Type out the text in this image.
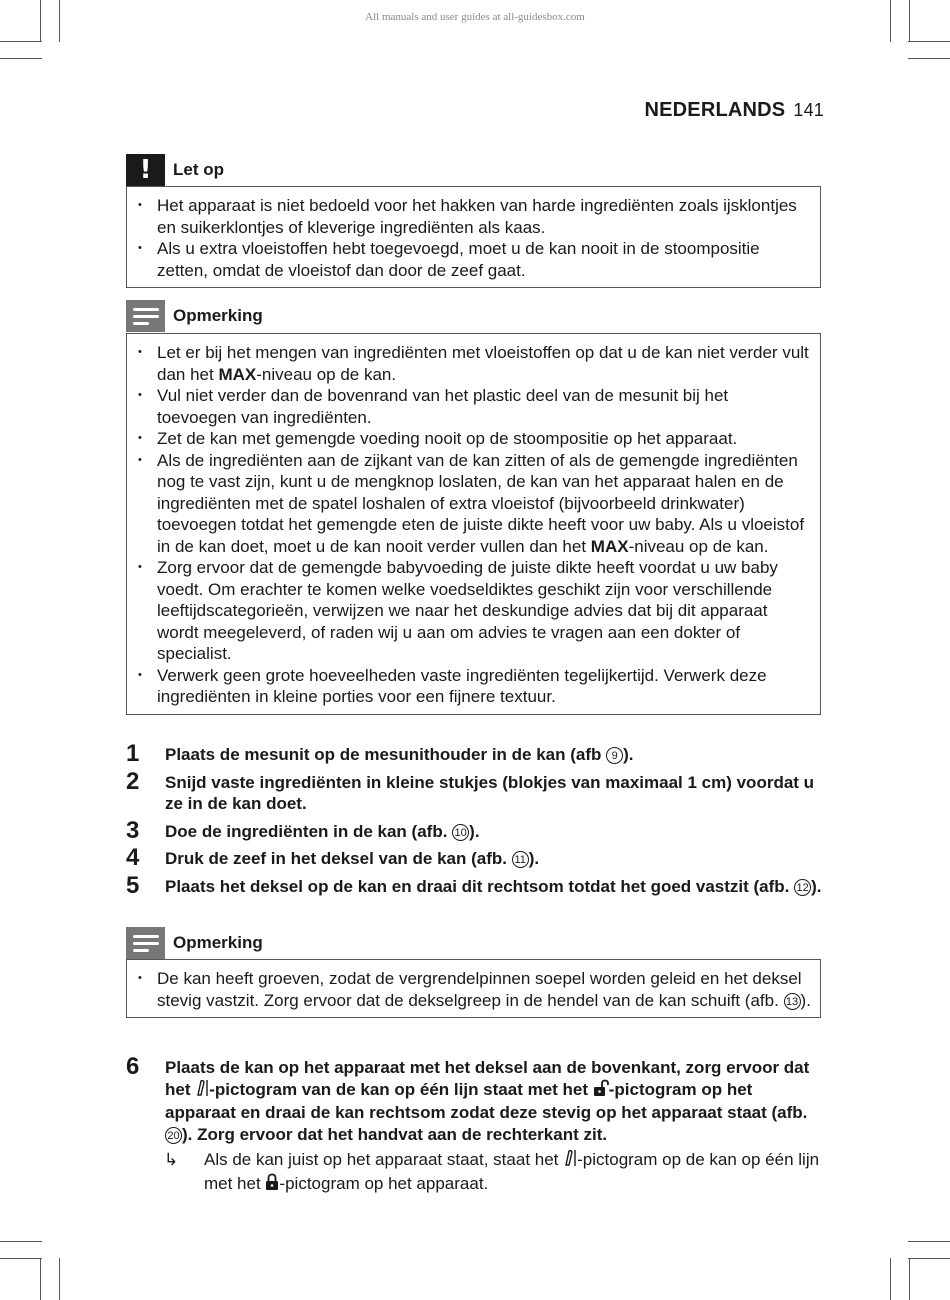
All manuals and user guides at all-guidesbox.com
NEDERLANDS 141
!	Let op
• Het apparaat is niet bedoeld voor het hakken van harde ingrediënten zoals ijsklontjes en suikerklontjes of kleverige ingrediënten als kaas.
• Als u extra vloeistoffen hebt toegevoegd, moet u de kan nooit in de stoompositie zetten, omdat de vloeistof dan door de zeef gaat.
Opmerking
• Let er bij het mengen van ingrediënten met vloeistoffen op dat u de kan niet verder vult dan het MAX-niveau op de kan.
• Vul niet verder dan de bovenrand van het plastic deel van de mesunit bij het toevoegen van ingrediënten.
• Zet de kan met gemengde voeding nooit op de stoompositie op het apparaat.
• Als de ingrediënten aan de zijkant van de kan zitten of als de gemengde ingrediënten nog te vast zijn, kunt u de mengknop loslaten, de kan van het apparaat halen en de ingrediënten met de spatel loshalen of extra vloeistof (bijvoorbeeld drinkwater) toevoegen totdat het gemengde eten de juiste dikte heeft voor uw baby. Als u vloeistof in de kan doet, moet u de kan nooit verder vullen dan het MAX-niveau op de kan.
• Zorg ervoor dat de gemengde babyvoeding de juiste dikte heeft voordat u uw baby voedt. Om erachter te komen welke voedseldiktes geschikt zijn voor verschillende leeftijdscategorieën, verwijzen we naar het deskundige advies dat bij dit apparaat wordt meegeleverd, of raden wij u aan om advies te vragen aan een dokter of specialist.
• Verwerk geen grote hoeveelheden vaste ingrediënten tegelijkertijd. Verwerk deze ingrediënten in kleine porties voor een fijnere textuur.
1 Plaats de mesunit op de mesunithouder in de kan (afb 9 ).
2 Snijd vaste ingrediënten in kleine stukjes (blokjes van maximaal 1 cm) voordat u ze in de kan doet.
3 Doe de ingrediënten in de kan (afb. 10 ).
4 Druk de zeef in het deksel van de kan (afb. 11 ).
5 Plaats het deksel op de kan en draai dit rechtsom totdat het goed vastzit (afb. 12 ).
Opmerking
• De kan heeft groeven, zodat de vergrendelpinnen soepel worden geleid en het deksel stevig vastzit. Zorg ervoor dat de dekselgreep in de hendel van de kan schuift (afb. 13 ).
6 Plaats de kan op het apparaat met het deksel aan de bovenkant, zorg ervoor dat het -pictogram van de kan op één lijn staat met het -pictogram op het apparaat en draai de kan rechtsom zodat deze stevig op het apparaat staat (afb. 20 ). Zorg ervoor dat het handvat aan de rechterkant zit.
↳ Als de kan juist op het apparaat staat, staat het -pictogram op de kan op één lijn met het -pictogram op het apparaat.
